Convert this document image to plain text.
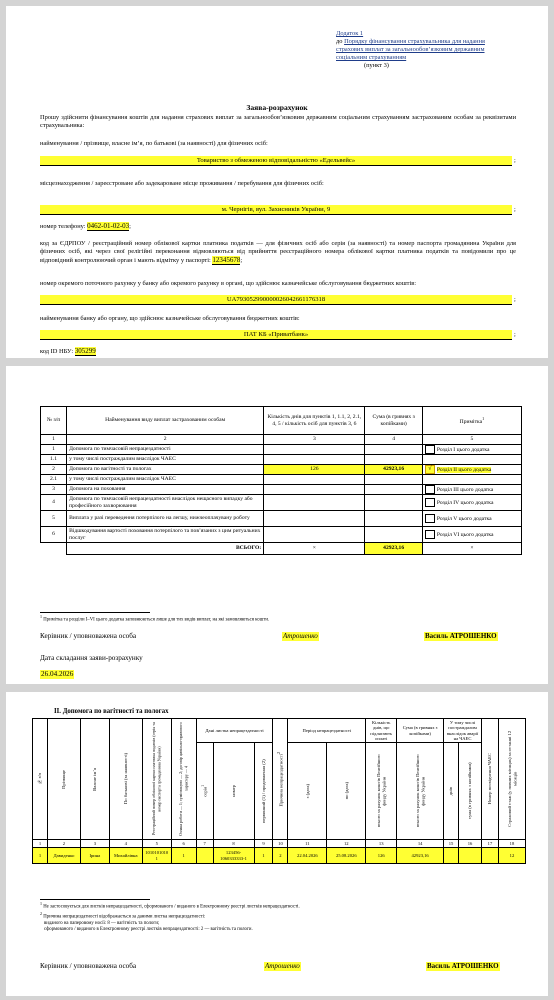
Додаток 1
до Порядку фінансування страхувальника для надання страхових виплат за загальнообов’язковим державним соціальним страхуванням
(пункт 3)
Заява-розрахунок
Прошу здійснити фінансування коштів для надання страхових виплат за загальнообов’язковим державним соціальним страхуванням застрахованим особам за реквізитами страхувальника:
найменування / прізвище, власне ім’я, по батькові (за наявності) для фізичних осіб:
Товариство з обмеженою відповідальністю «Едельвейс»	;
місцезнаходження / зареєстроване або задекароване місце проживання / перебування для фізичних осіб:
м. Чернігів, вул. Захисників України, 9	;
номер телефону: 0462-01-02-03;
код за ЄДРПОУ / реєстраційний номер облікової картки платника податків — для фізичних осіб або серія (за наявності) та номер паспорта громадянина України для фізичних осіб, які через свої релігійні переконання відмовляються від прийняття реєстраційного номера облікової картки платника податків та повідомили про це відповідний контролюючий орган і мають відмітку у паспорті: 12345678;
номер окремого поточного рахунку у банку або окремого рахунку в органі, що здійснює казначейське обслуговування бюджетних коштів:
UA793052990000026042661176318	;
найменування банку або органу, що здійснює казначейське обслуговування бюджетних коштів:
ПАТ КБ «Приватбанк»	;
код ID НБУ: 305299
№ з/п	Найменування виду виплат застрахованим особам	Кількість днів для пунктів 1, 1.1, 2, 2.1, 4, 5 / кількість осіб для пунктів 3, 6	Сума (в гривнях з копійками)	Примітка$^1$
1	2	3	4	5
1	Допомога по тимчасовій непрацездатності			Розділ I цього додатка
1.1	у тому числі постраждалим внаслідок ЧАЕС			
2	Допомога по вагітності та пологах	126	42923,16	√ Розділ II цього додатка
2.1	у тому числі постраждалим внаслідок ЧАЕС			
3	Допомога на поховання			Розділ III цього додатка
4	Допомога по тимчасовій непрацездатності внаслідок нещасного випадку або професійного захворювання			Розділ IV цього додатка
5	Виплата у разі переведення потерпілого на легшу, нижчеоплачувану роботу			Розділ V цього додатка
6	Відшкодування вартості поховання потерпілого та пов’язаних з цим ритуальних послуг			Розділ VI цього додатка
	ВСЬОГО:	×	42923,16	×
$^1$ Примітка та розділи I–VI цього додатка заповнюються лише для тих видів виплат, на які замовляються кошти.
Керівник / уповноважена особа	Атрошенко	Василь АТРОШЕНКО
Дата складання заяви-розрахунку
26.04.2026
II. Допомога по вагітності та пологах
№ з/п	Прізвище	Власне ім’я	По батькові (за наявності)	Реєстраційний номер облікової картки платника податків (серія та номер паспорта громадянина України)	Ознака роботи — 1; сумісництво — 2; договір цивільно-правового характеру — 4	Дані листка непрацездатності			Причина непрацездатності$^2$	Період непрацездатності		Кількість днів, що підлягають оплаті	Сума (в гривнях з копійками)	У тому числі постраждалим внаслідок аварії на ЧАЕС		Номер посвідчення ЧАЕС	Страховий стаж (у повних місяцях) за останні 12 місяців

						серія$^1$	номер	первинний (1) / продовження (2)		з (дата)	по (дата)	всього за рахунок коштів Пенсійного фонду України	всього за рахунок коштів Пенсійного фонду України	днів	сума (в гривнях з копійками)		

1	2	3	4	5	6	7	8	9	10	11	12	13	14	15	16	17	18
1	Давиденко	Ірина	Михайлівна	1010101010 1	1		123456-1060333333-1	1	2	22.04.2026	25.08.2026	126	42923,16				12
$^1$ Не застосовується для листків непрацездатності, сформованого / виданого в Електронному реєстрі листків непрацездатності.
$^2$ Причина непрацездатності відображається за даними листка непрацездатності:
виданого на паперовому носії: 8 — вагітність та пологи;
сформованого / виданого в Електронному реєстрі листків непрацездатності: 2 — вагітність та пологи.
Керівник / уповноважена особа	Атрошенко	Василь АТРОШЕНКО
